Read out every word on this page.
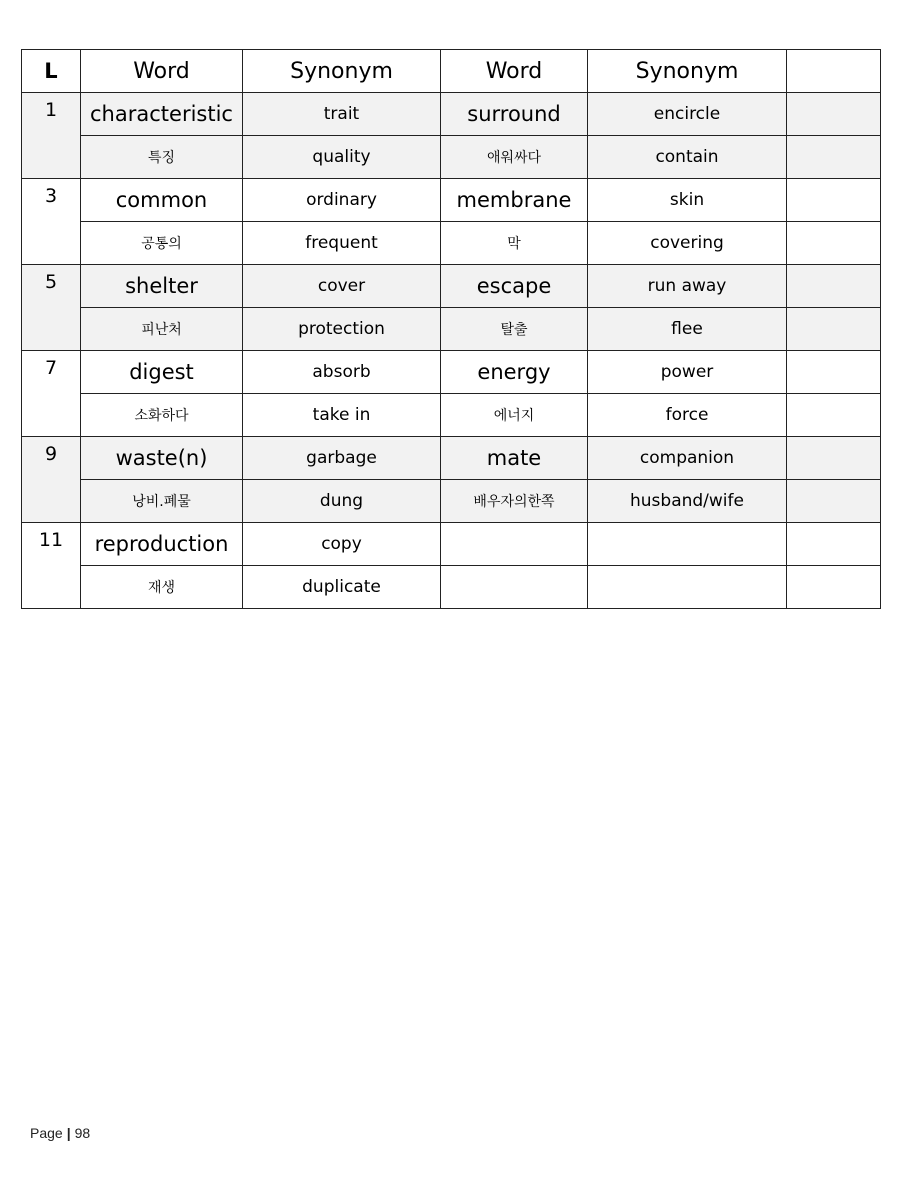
L	Word	Synonym	Word	Synonym	
1	characteristic	trait	surround	encircle	
	특징	quality	애워싸다	contain	
3	common	ordinary	membrane	skin	
	공통의	frequent	막	covering	
5	shelter	cover	escape	run away	
	피난처	protection	탈출	flee	
7	digest	absorb	energy	power	
	소화하다	take in	에너지	force	
9	waste(n)	garbage	mate	companion	
	낭비.폐물	dung	배우자의한쪽	husband/wife	
11	reproduction	copy			
	재생	duplicate			
Page | 98
